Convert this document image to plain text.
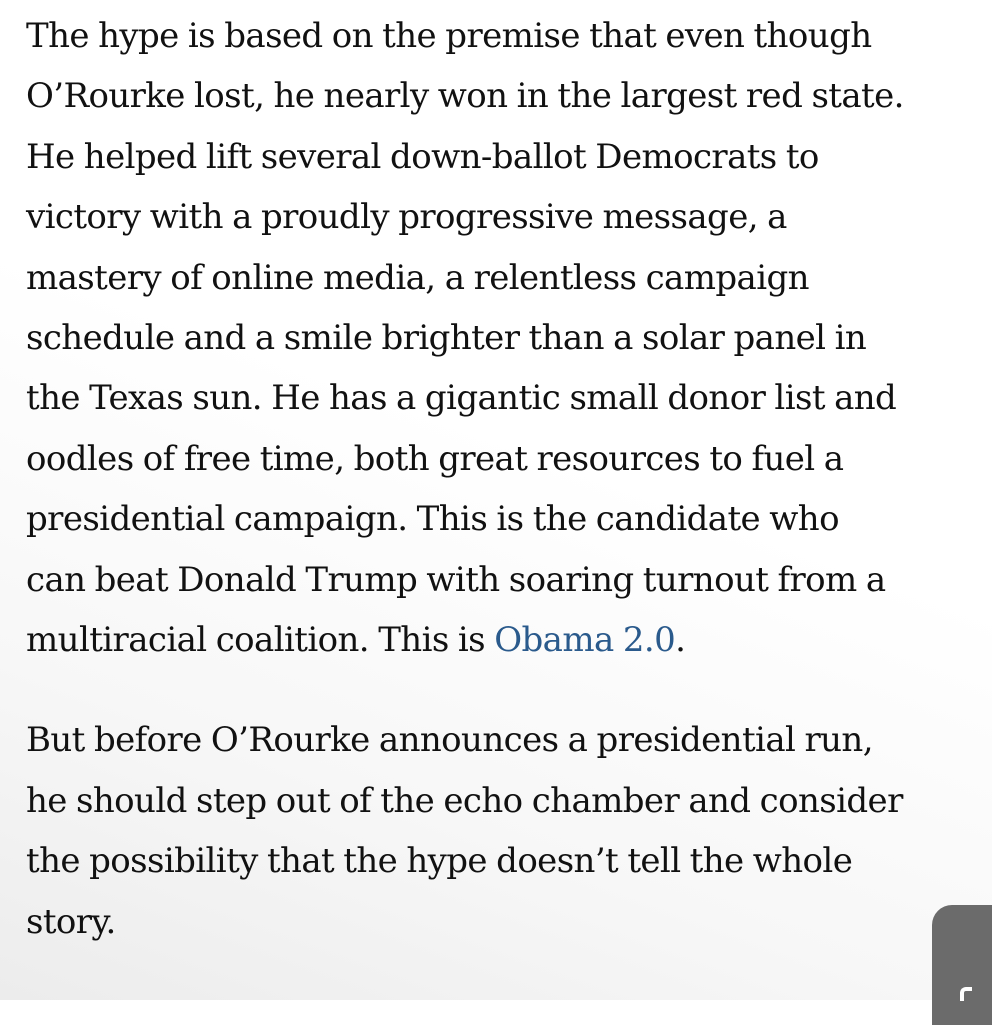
The hype is based on the premise that even though
O’Rourke lost, he nearly won in the largest red state.
He helped lift several down-ballot Democrats to
victory with a proudly progressive message, a
mastery of online media, a relentless campaign
schedule and a smile brighter than a solar panel in
the Texas sun. He has a gigantic small donor list and
oodles of free time, both great resources to fuel a
presidential campaign. This is the candidate who
can beat Donald Trump with soaring turnout from a
multiracial coalition. This is Obama 2.0.

But before O’Rourke announces a presidential run,
he should step out of the echo chamber and consider
the possibility that the hype doesn’t tell the whole
story.
